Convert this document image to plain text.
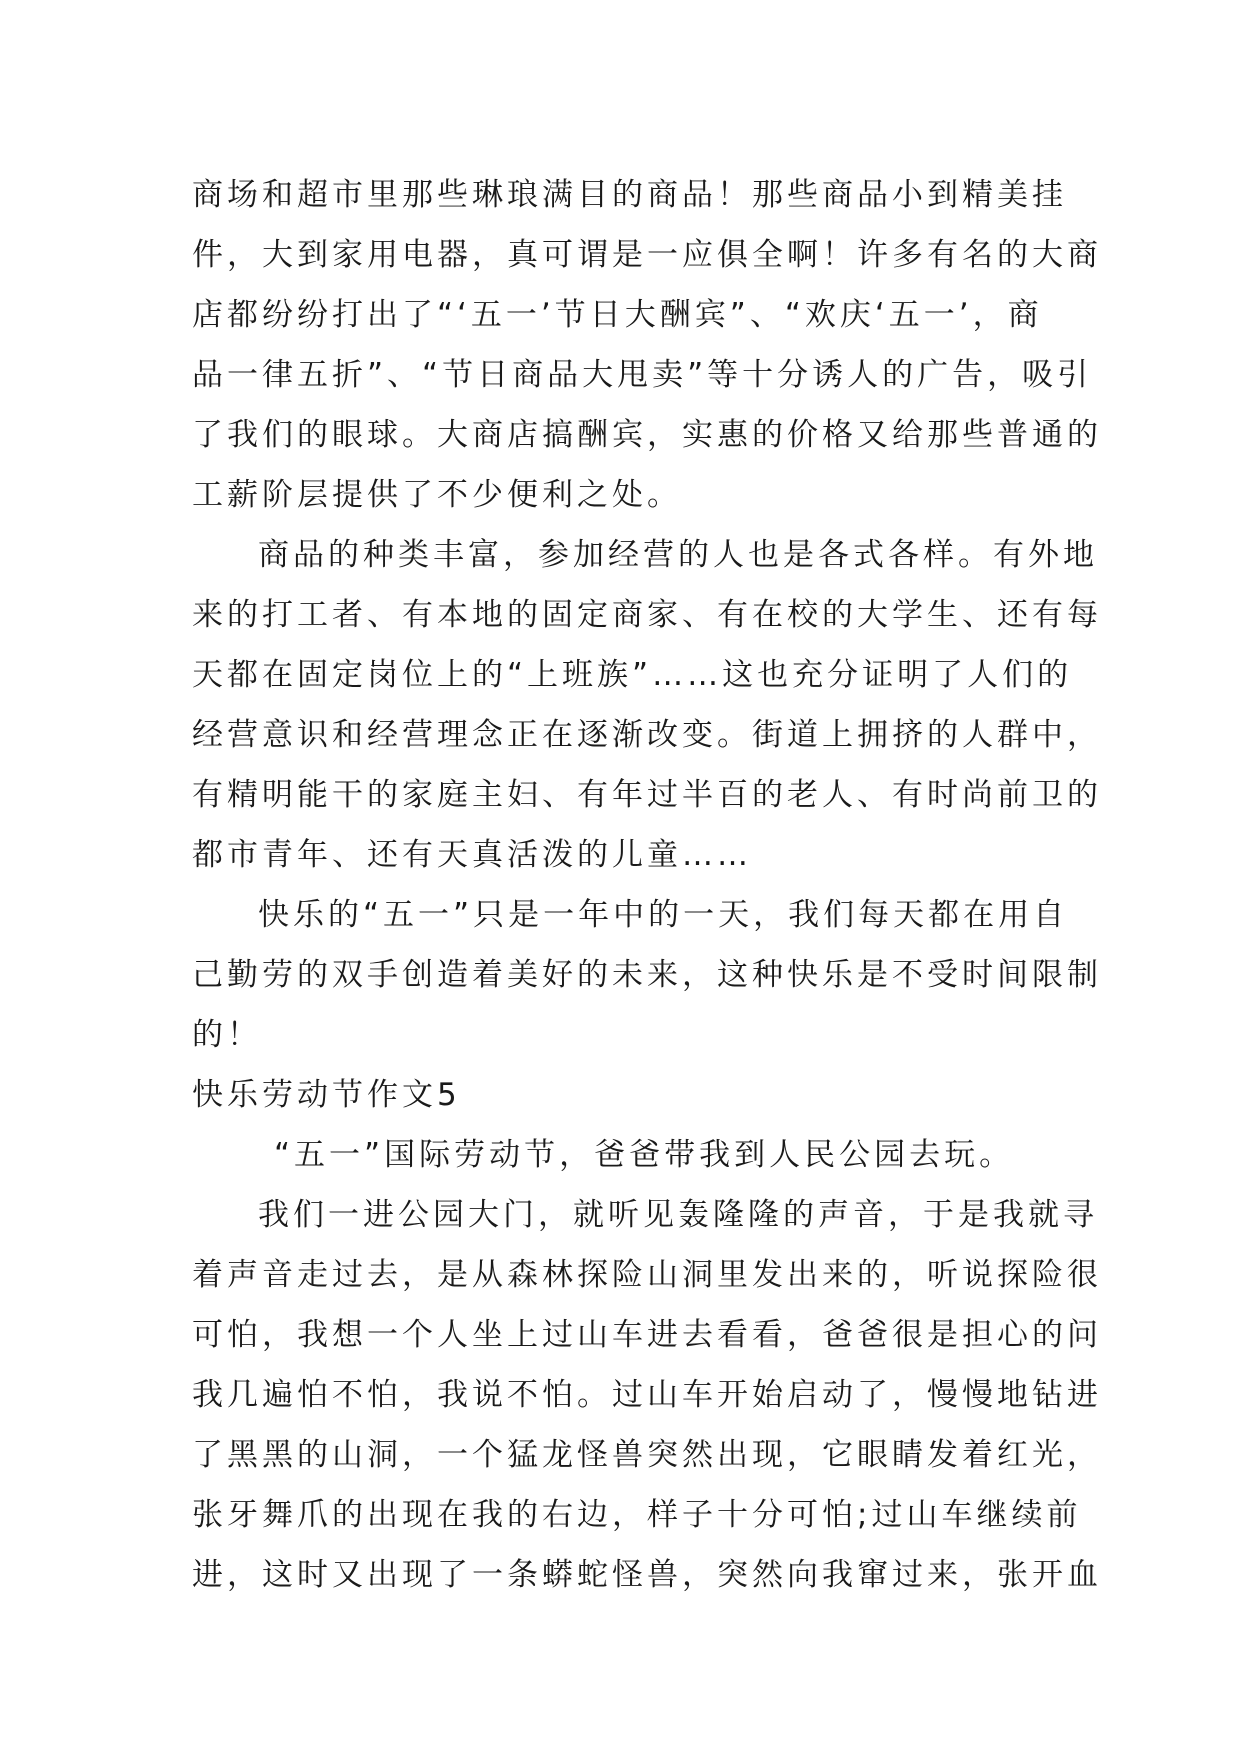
商场和超市里那些琳琅满目的商品！那些商品小到精美挂
件，大到家用电器，真可谓是一应俱全啊！许多有名的大商
店都纷纷打出了“‘五一’节日大酬宾”、“欢庆‘五一’，商
品一律五折”、“节日商品大甩卖”等十分诱人的广告，吸引
了我们的眼球。大商店搞酬宾，实惠的价格又给那些普通的
工薪阶层提供了不少便利之处。
商品的种类丰富，参加经营的人也是各式各样。有外地
来的打工者、有本地的固定商家、有在校的大学生、还有每
天都在固定岗位上的“上班族”……这也充分证明了人们的
经营意识和经营理念正在逐渐改变。街道上拥挤的人群中，
有精明能干的家庭主妇、有年过半百的老人、有时尚前卫的
都市青年、还有天真活泼的儿童……
快乐的“五一”只是一年中的一天，我们每天都在用自
己勤劳的双手创造着美好的未来，这种快乐是不受时间限制
的！
快乐劳动节作文5
“五一”国际劳动节，爸爸带我到人民公园去玩。
我们一进公园大门，就听见轰隆隆的声音，于是我就寻
着声音走过去，是从森林探险山洞里发出来的，听说探险很
可怕，我想一个人坐上过山车进去看看，爸爸很是担心的问
我几遍怕不怕，我说不怕。过山车开始启动了，慢慢地钻进
了黑黑的山洞，一个猛龙怪兽突然出现，它眼睛发着红光，
张牙舞爪的出现在我的右边，样子十分可怕;过山车继续前
进，这时又出现了一条蟒蛇怪兽，突然向我窜过来，张开血
